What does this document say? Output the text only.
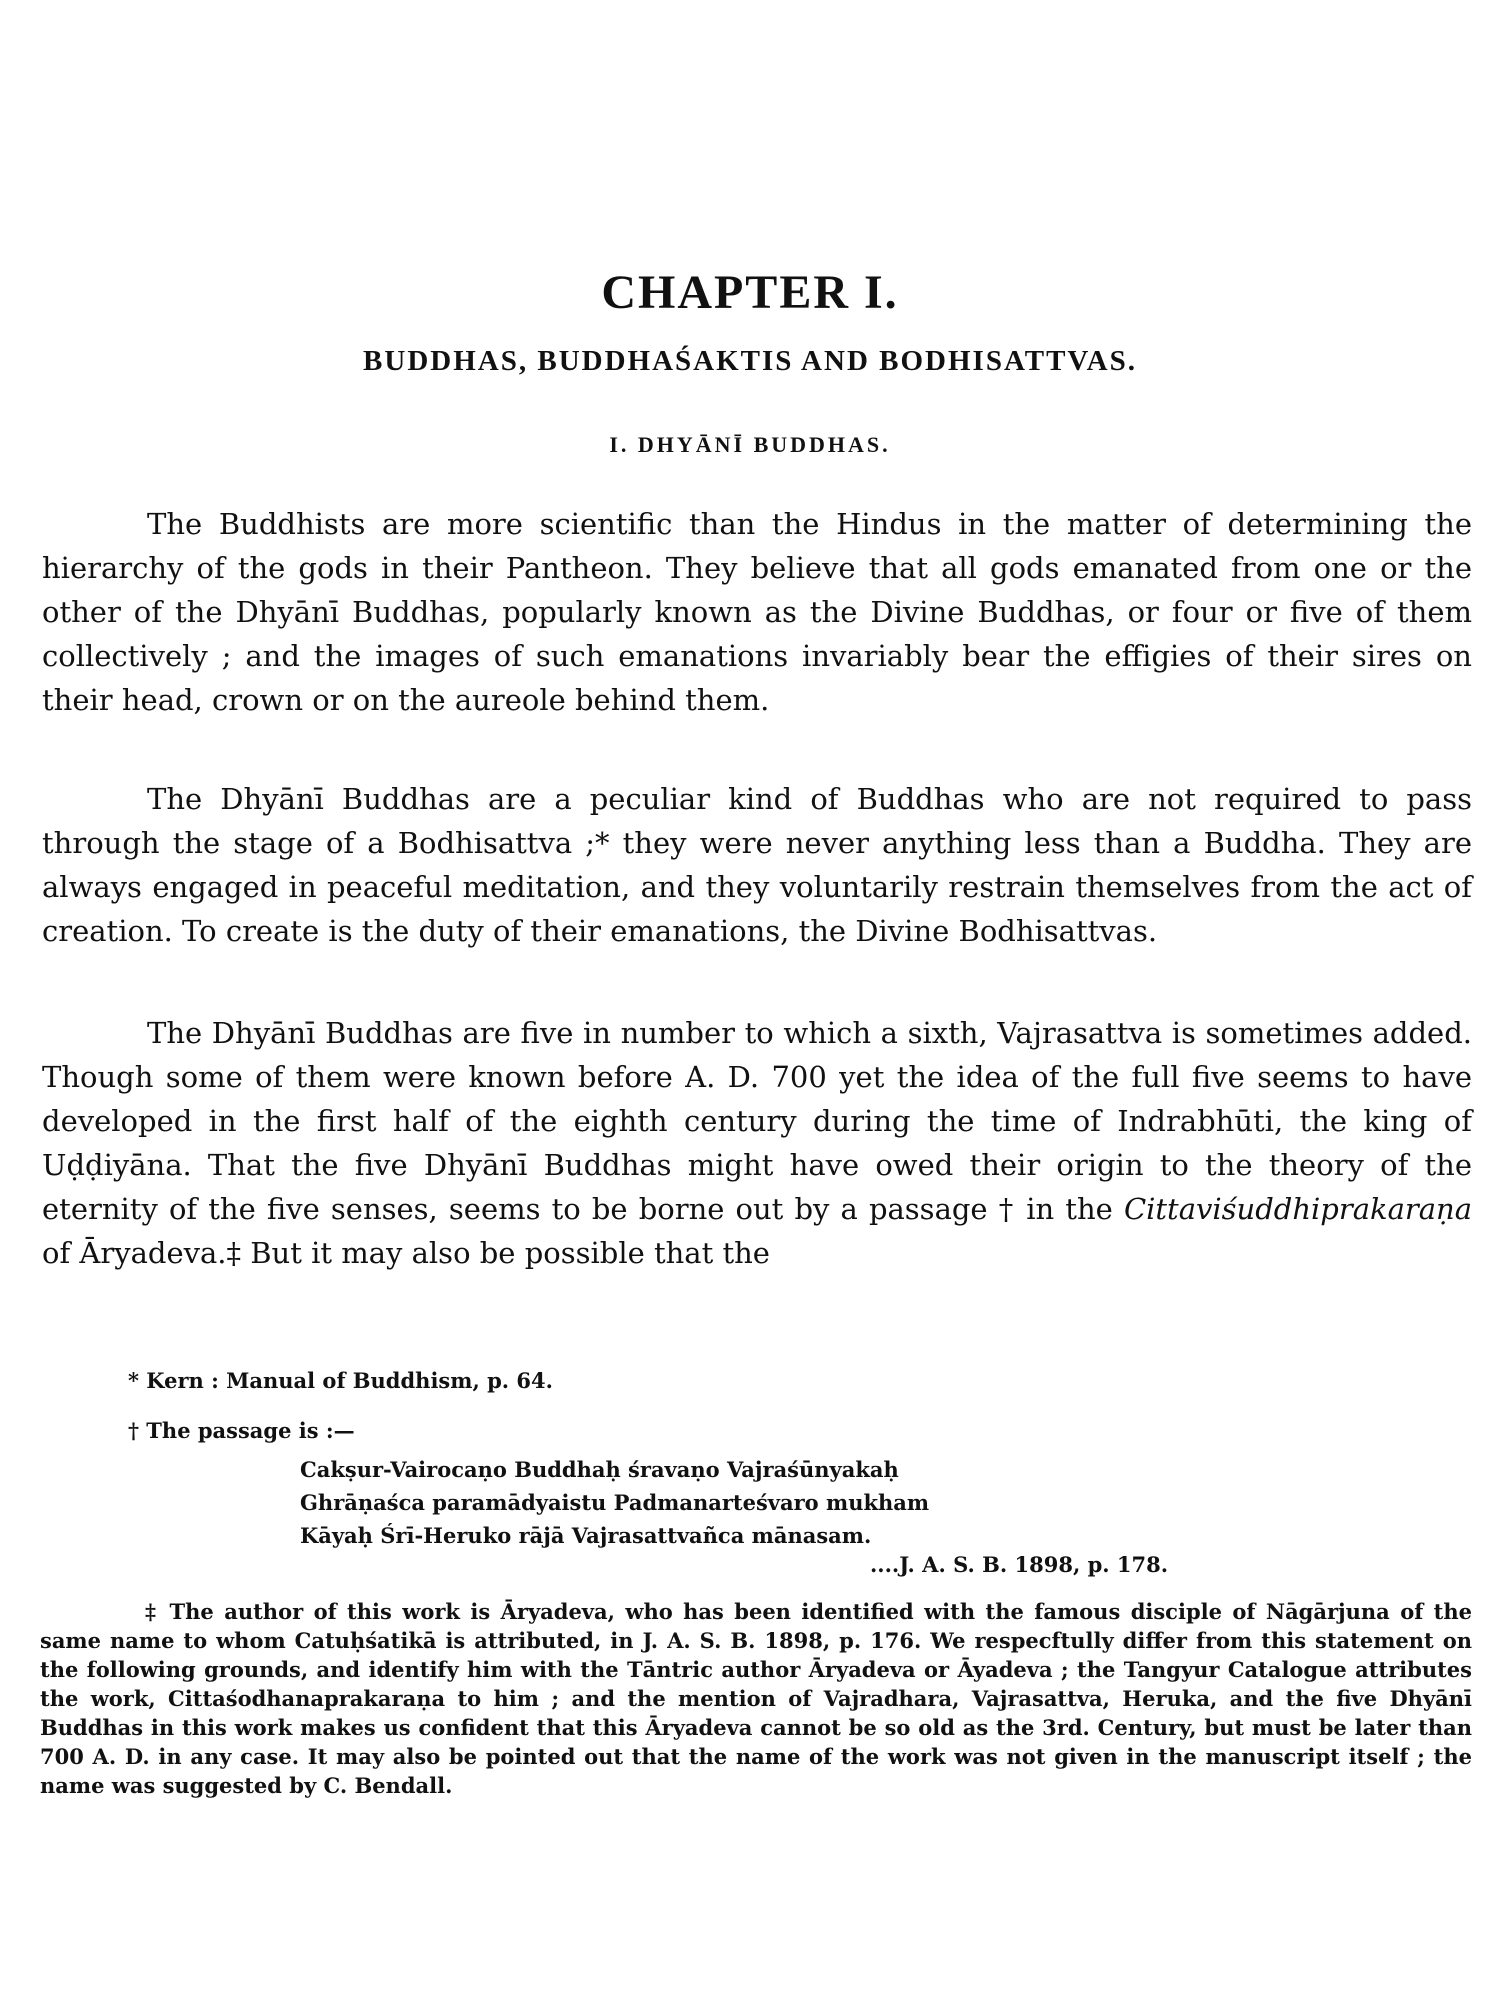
CHAPTER I.
BUDDHAS, BUDDHAŚAKTIS AND BODHISATTVAS.
I. DHYĀNĪ BUDDHAS.

The Buddhists are more scientific than the Hindus in the matter of determining the hierarchy of the gods in their Pantheon. They believe that all gods emanated from one or the other of the Dhyānī Buddhas, popularly known as the Divine Buddhas, or four or five of them collectively ; and the images of such emanations invariably bear the effigies of their sires on their head, crown or on the aureole behind them.

The Dhyānī Buddhas are a peculiar kind of Buddhas who are not required to pass through the stage of a Bodhisattva ;* they were never anything less than a Buddha. They are always engaged in peaceful meditation, and they voluntarily restrain themselves from the act of creation. To create is the duty of their emanations, the Divine Bodhisattvas.

The Dhyānī Buddhas are five in number to which a sixth, Vajrasattva is sometimes added. Though some of them were known before A. D. 700 yet the idea of the full five seems to have developed in the first half of the eighth century during the time of Indrabhūti, the king of Uḍḍiyāna. That the five Dhyānī Buddhas might have owed their origin to the theory of the eternity of the five senses, seems to be borne out by a passage † in the Cittaviśuddhiprakaraṇa of Āryadeva.‡ But it may also be possible that the

* Kern : Manual of Buddhism, p. 64.
† The passage is :—
Cakṣur-Vairocaṇo Buddhaḥ śravaṇo Vajraśūnyakaḥ
Ghrāṇaśca paramādyaistu Padmanarteśvaro mukham
Kāyaḥ Śrī-Heruko rājā Vajrasattvañca mānasam.
....J. A. S. B. 1898, p. 178.

‡ The author of this work is Āryadeva, who has been identified with the famous disciple of Nāgārjuna of the same name to whom Catuḥśatikā is attributed, in J. A. S. B. 1898, p. 176. We respecftully differ from this statement on the following grounds, and identify him with the Tāntric author Āryadeva or Āyadeva ; the Tangyur Catalogue attributes the work, Cittaśodhanaprakaraṇa to him ; and the mention of Vajradhara, Vajrasattva, Heruka, and the five Dhyānī Buddhas in this work makes us confident that this Āryadeva cannot be so old as the 3rd. Century, but must be later than 700 A. D. in any case. It may also be pointed out that the name of the work was not given in the manuscript itself ; the name was suggested by C. Bendall.
